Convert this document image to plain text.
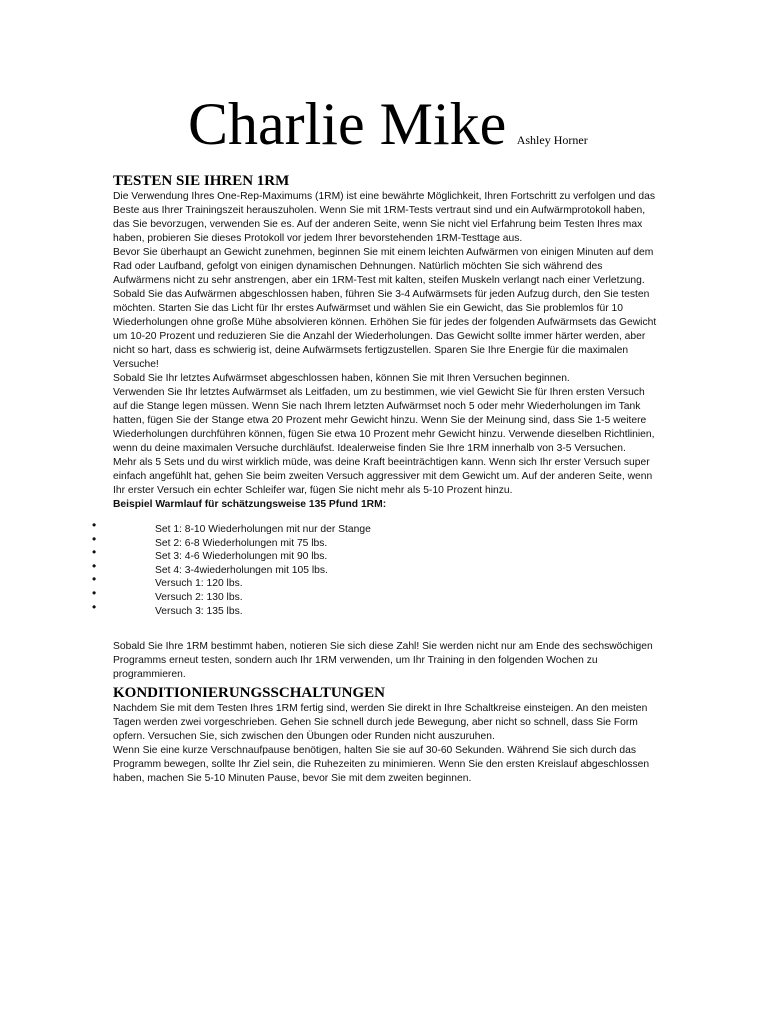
Charlie Mike Ashley Horner
TESTEN SIE IHREN 1RM

Die Verwendung Ihres One-Rep-Maximums (1RM) ist eine bewährte Möglichkeit, Ihren Fortschritt zu verfolgen und das Beste aus Ihrer Trainingszeit herauszuholen. Wenn Sie mit 1RM-Tests vertraut sind und ein Aufwärmprotokoll haben, das Sie bevorzugen, verwenden Sie es. Auf der anderen Seite, wenn Sie nicht viel Erfahrung beim Testen Ihres max haben, probieren Sie dieses Protokoll vor jedem Ihrer bevorstehenden 1RM-Testtage aus.

Bevor Sie überhaupt an Gewicht zunehmen, beginnen Sie mit einem leichten Aufwärmen von einigen Minuten auf dem Rad oder Laufband, gefolgt von einigen dynamischen Dehnungen. Natürlich möchten Sie sich während des Aufwärmens nicht zu sehr anstrengen, aber ein 1RM-Test mit kalten, steifen Muskeln verlangt nach einer Verletzung.

Sobald Sie das Aufwärmen abgeschlossen haben, führen Sie 3-4 Aufwärmsets für jeden Aufzug durch, den Sie testen möchten. Starten Sie das Licht für Ihr erstes Aufwärmset und wählen Sie ein Gewicht, das Sie problemlos für 10 Wiederholungen ohne große Mühe absolvieren können. Erhöhen Sie für jedes der folgenden Aufwärmsets das Gewicht um 10-20 Prozent und reduzieren Sie die Anzahl der Wiederholungen. Das Gewicht sollte immer härter werden, aber nicht so hart, dass es schwierig ist, deine Aufwärmsets fertigzustellen. Sparen Sie Ihre Energie für die maximalen Versuche!

Sobald Sie Ihr letztes Aufwärmset abgeschlossen haben, können Sie mit Ihren Versuchen beginnen.

Verwenden Sie Ihr letztes Aufwärmset als Leitfaden, um zu bestimmen, wie viel Gewicht Sie für Ihren ersten Versuch auf die Stange legen müssen. Wenn Sie nach Ihrem letzten Aufwärmset noch 5 oder mehr Wiederholungen im Tank hatten, fügen Sie der Stange etwa 20 Prozent mehr Gewicht hinzu. Wenn Sie der Meinung sind, dass Sie 1-5 weitere Wiederholungen durchführen können, fügen Sie etwa 10 Prozent mehr Gewicht hinzu. Verwende dieselben Richtlinien, wenn du deine maximalen Versuche durchläufst. Idealerweise finden Sie Ihre 1RM innerhalb von 3-5 Versuchen.

Mehr als 5 Sets und du wirst wirklich müde, was deine Kraft beeinträchtigen kann. Wenn sich Ihr erster Versuch super einfach angefühlt hat, gehen Sie beim zweiten Versuch aggressiver mit dem Gewicht um. Auf der anderen Seite, wenn Ihr erster Versuch ein echter Schleifer war, fügen Sie nicht mehr als 5-10 Prozent hinzu.

Beispiel Warmlauf für schätzungsweise 135 Pfund 1RM:

•	Set 1: 8-10 Wiederholungen mit nur der Stange
•	Set 2: 6-8 Wiederholungen mit 75 lbs.
•	Set 3: 4-6 Wiederholungen mit 90 lbs.
•	Set 4: 3-4wiederholungen mit 105 lbs.
•	Versuch 1: 120 lbs.
•	Versuch 2: 130 lbs.
•	Versuch 3: 135 lbs.

Sobald Sie Ihre 1RM bestimmt haben, notieren Sie sich diese Zahl! Sie werden nicht nur am Ende des sechswöchigen Programms erneut testen, sondern auch Ihr 1RM verwenden, um Ihr Training in den folgenden Wochen zu programmieren.

KONDITIONIERUNGSSCHALTUNGEN

Nachdem Sie mit dem Testen Ihres 1RM fertig sind, werden Sie direkt in Ihre Schaltkreise einsteigen. An den meisten Tagen werden zwei vorgeschrieben. Gehen Sie schnell durch jede Bewegung, aber nicht so schnell, dass Sie Form opfern. Versuchen Sie, sich zwischen den Übungen oder Runden nicht auszuruhen.

Wenn Sie eine kurze Verschnaufpause benötigen, halten Sie sie auf 30-60 Sekunden. Während Sie sich durch das Programm bewegen, sollte Ihr Ziel sein, die Ruhezeiten zu minimieren. Wenn Sie den ersten Kreislauf abgeschlossen haben, machen Sie 5-10 Minuten Pause, bevor Sie mit dem zweiten beginnen.
